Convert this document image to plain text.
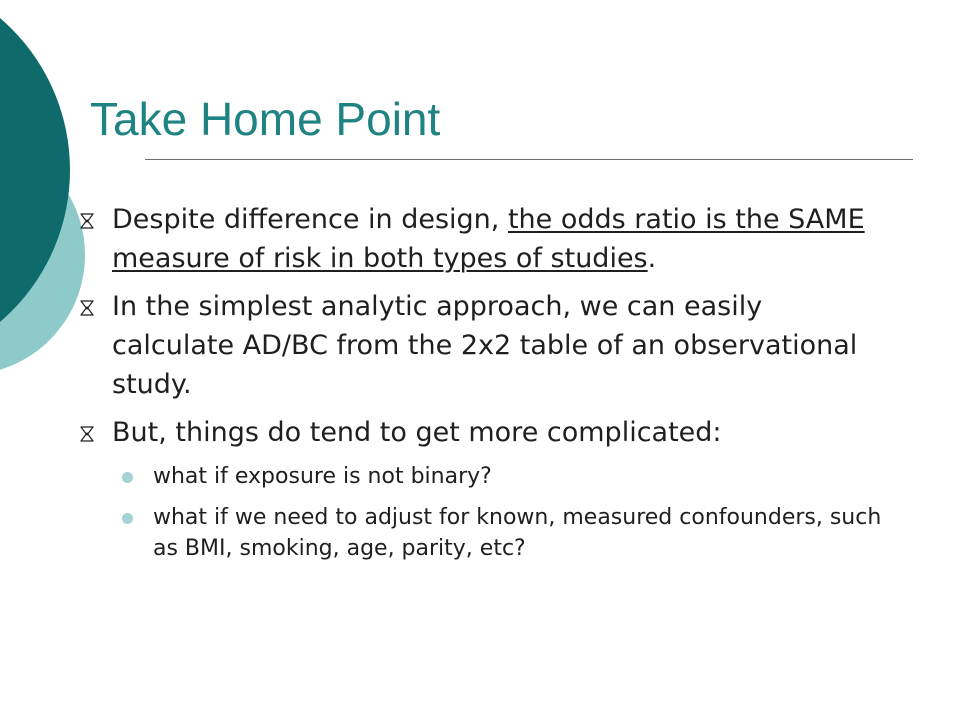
Take Home Point
Despite difference in design, the odds ratio is the SAME measure of risk in both types of studies.
In the simplest analytic approach, we can easily calculate AD/BC from the 2x2 table of an observational study.
But, things do tend to get more complicated:
what if exposure is not binary?
what if we need to adjust for known, measured confounders, such as BMI, smoking, age, parity, etc?
